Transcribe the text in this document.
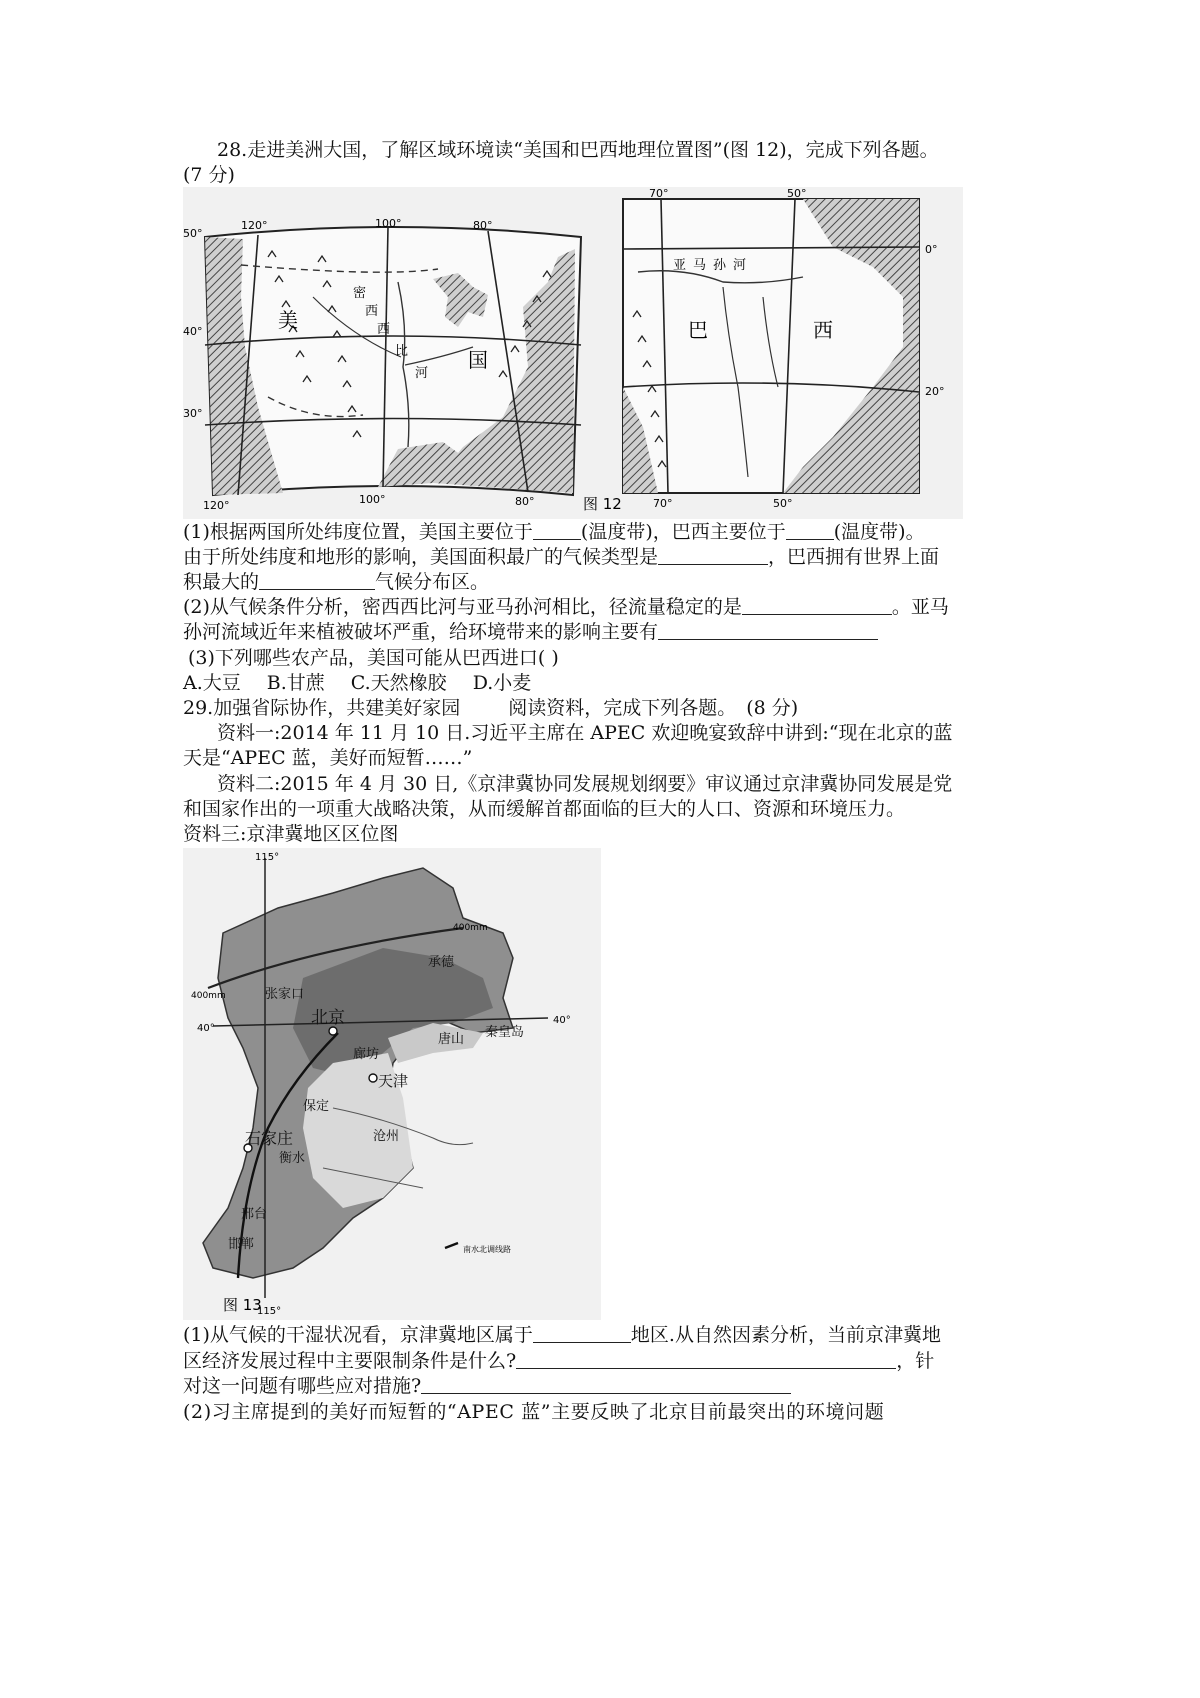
28.走进美洲大国，了解区域环境读“美国和巴西地理位置图”(图 12)，完成下列各题。
(7 分)
美
国
密
西
西
比
河
120°	100°	80°
120°	100°	80°
50°
40°
30°
巴	西
亚 马 孙 河
70°	50°
70°	50°
0°
20°
图 12
(1)根据两国所处纬度位置，美国主要位于	(温度带)，巴西主要位于	(温度带)。
由于所处纬度和地形的影响，美国面积最广的气候类型是	，巴西拥有世界上面
积最大的	气候分布区。
(2)从气候条件分析，密西西比河与亚马孙河相比，径流量稳定的是	。亚马
孙河流域近年来植被破坏严重，给环境带来的影响主要有
(3)下列哪些农产品，美国可能从巴西进口( )
A.大豆 B.甘蔗 C.天然橡胶 D.小麦
29.加强省际协作，共建美好家园	阅读资料，完成下列各题。 (8 分)
资料一:2014 年 11 月 10 日.习近平主席在 APEC 欢迎晚宴致辞中讲到:“现在北京的蓝
天是“APEC 蓝，美好而短暂……”
资料二:2015 年 4 月 30 日,《京津冀协同发展规划纲要》审议通过京津冀协同发展是党
和国家作出的一项重大战略决策，从而缓解首都面临的巨大的人口、资源和环境压力。
资料三:京津冀地区区位图
北京
天津
张家口
承德
秦皇岛
唐山
廊坊
保定
沧州
石家庄
衡水
邢台
邯郸
115°
115°
40°
40°
400mm
400mm
南水北调线路
图 13
(1)从气候的干湿状况看，京津冀地区属于	地区.从自然因素分析，当前京津冀地
区经济发展过程中主要限制条件是什么?	，针
对这一问题有哪些应对措施?
(2)习主席提到的美好而短暂的“APEC 蓝”主要反映了北京目前最突出的环境问题
